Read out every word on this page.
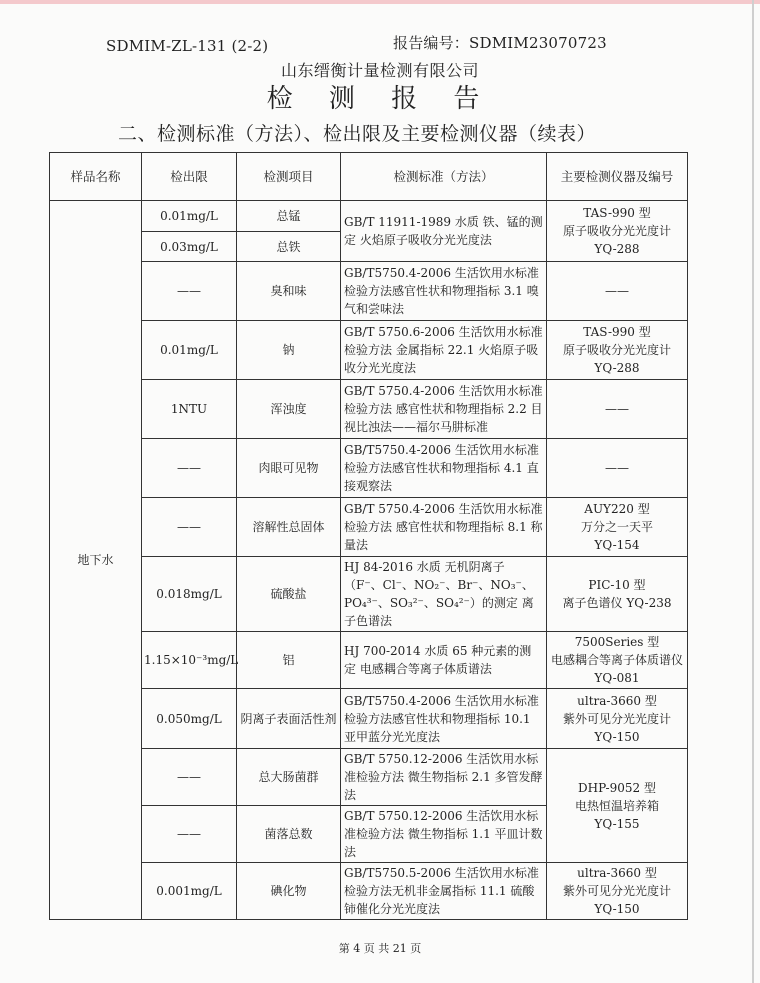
SDMIM-ZL-131 (2-2)	报告编号：SDMIM23070723
山东缙衡计量检测有限公司
检 测 报 告
二、检测标准（方法）、检出限及主要检测仪器（续表）
样品名称	检出限	检测项目	检测标准（方法）	主要检测仪器及编号
地下水	0.01mg/L	总锰	GB/T 11911-1989 水质 铁、锰的测定 火焰原子吸收分光光度法	TAS-990 型
原子吸收分光光度计
YQ-288
	0.03mg/L	总铁		
	——	臭和味	GB/T5750.4-2006 生活饮用水标准检验方法感官性状和物理指标 3.1 嗅气和尝味法	——
	0.01mg/L	钠	GB/T 5750.6-2006 生活饮用水标准检验方法 金属指标 22.1 火焰原子吸收分光光度法	TAS-990 型
原子吸收分光光度计
YQ-288
	1NTU	浑浊度	GB/T 5750.4-2006 生活饮用水标准检验方法 感官性状和物理指标 2.2 目视比浊法——福尔马肼标准	——
	——	肉眼可见物	GB/T5750.4-2006 生活饮用水标准检验方法感官性状和物理指标 4.1 直接观察法	——
	——	溶解性总固体	GB/T 5750.4-2006 生活饮用水标准检验方法 感官性状和物理指标 8.1 称量法	AUY220 型
万分之一天平
YQ-154
	0.018mg/L	硫酸盐	HJ 84-2016 水质 无机阴离子（F⁻、Cl⁻、NO₂⁻、Br⁻、NO₃⁻、PO₄³⁻、SO₃²⁻、SO₄²⁻）的测定 离子色谱法	PIC-10 型
离子色谱仪 YQ-238
	1.15×10⁻³mg/L	铝	HJ 700-2014 水质 65 种元素的测定 电感耦合等离子体质谱法	7500Series 型
电感耦合等离子体质谱仪 YQ-081
	0.050mg/L	阴离子表面活性剂	GB/T5750.4-2006 生活饮用水标准检验方法感官性状和物理指标 10.1 亚甲蓝分光光度法	ultra-3660 型
紫外可见分光光度计
YQ-150
	——	总大肠菌群	GB/T 5750.12-2006 生活饮用水标准检验方法 微生物指标 2.1 多管发酵法	DHP-9052 型
电热恒温培养箱
YQ-155
	——	菌落总数	GB/T 5750.12-2006 生活饮用水标准检验方法 微生物指标 1.1 平皿计数法	
	0.001mg/L	碘化物	GB/T5750.5-2006 生活饮用水标准检验方法无机非金属指标 11.1 硫酸铈催化分光光度法	ultra-3660 型
紫外可见分光光度计
YQ-150
第 4 页 共 21 页
